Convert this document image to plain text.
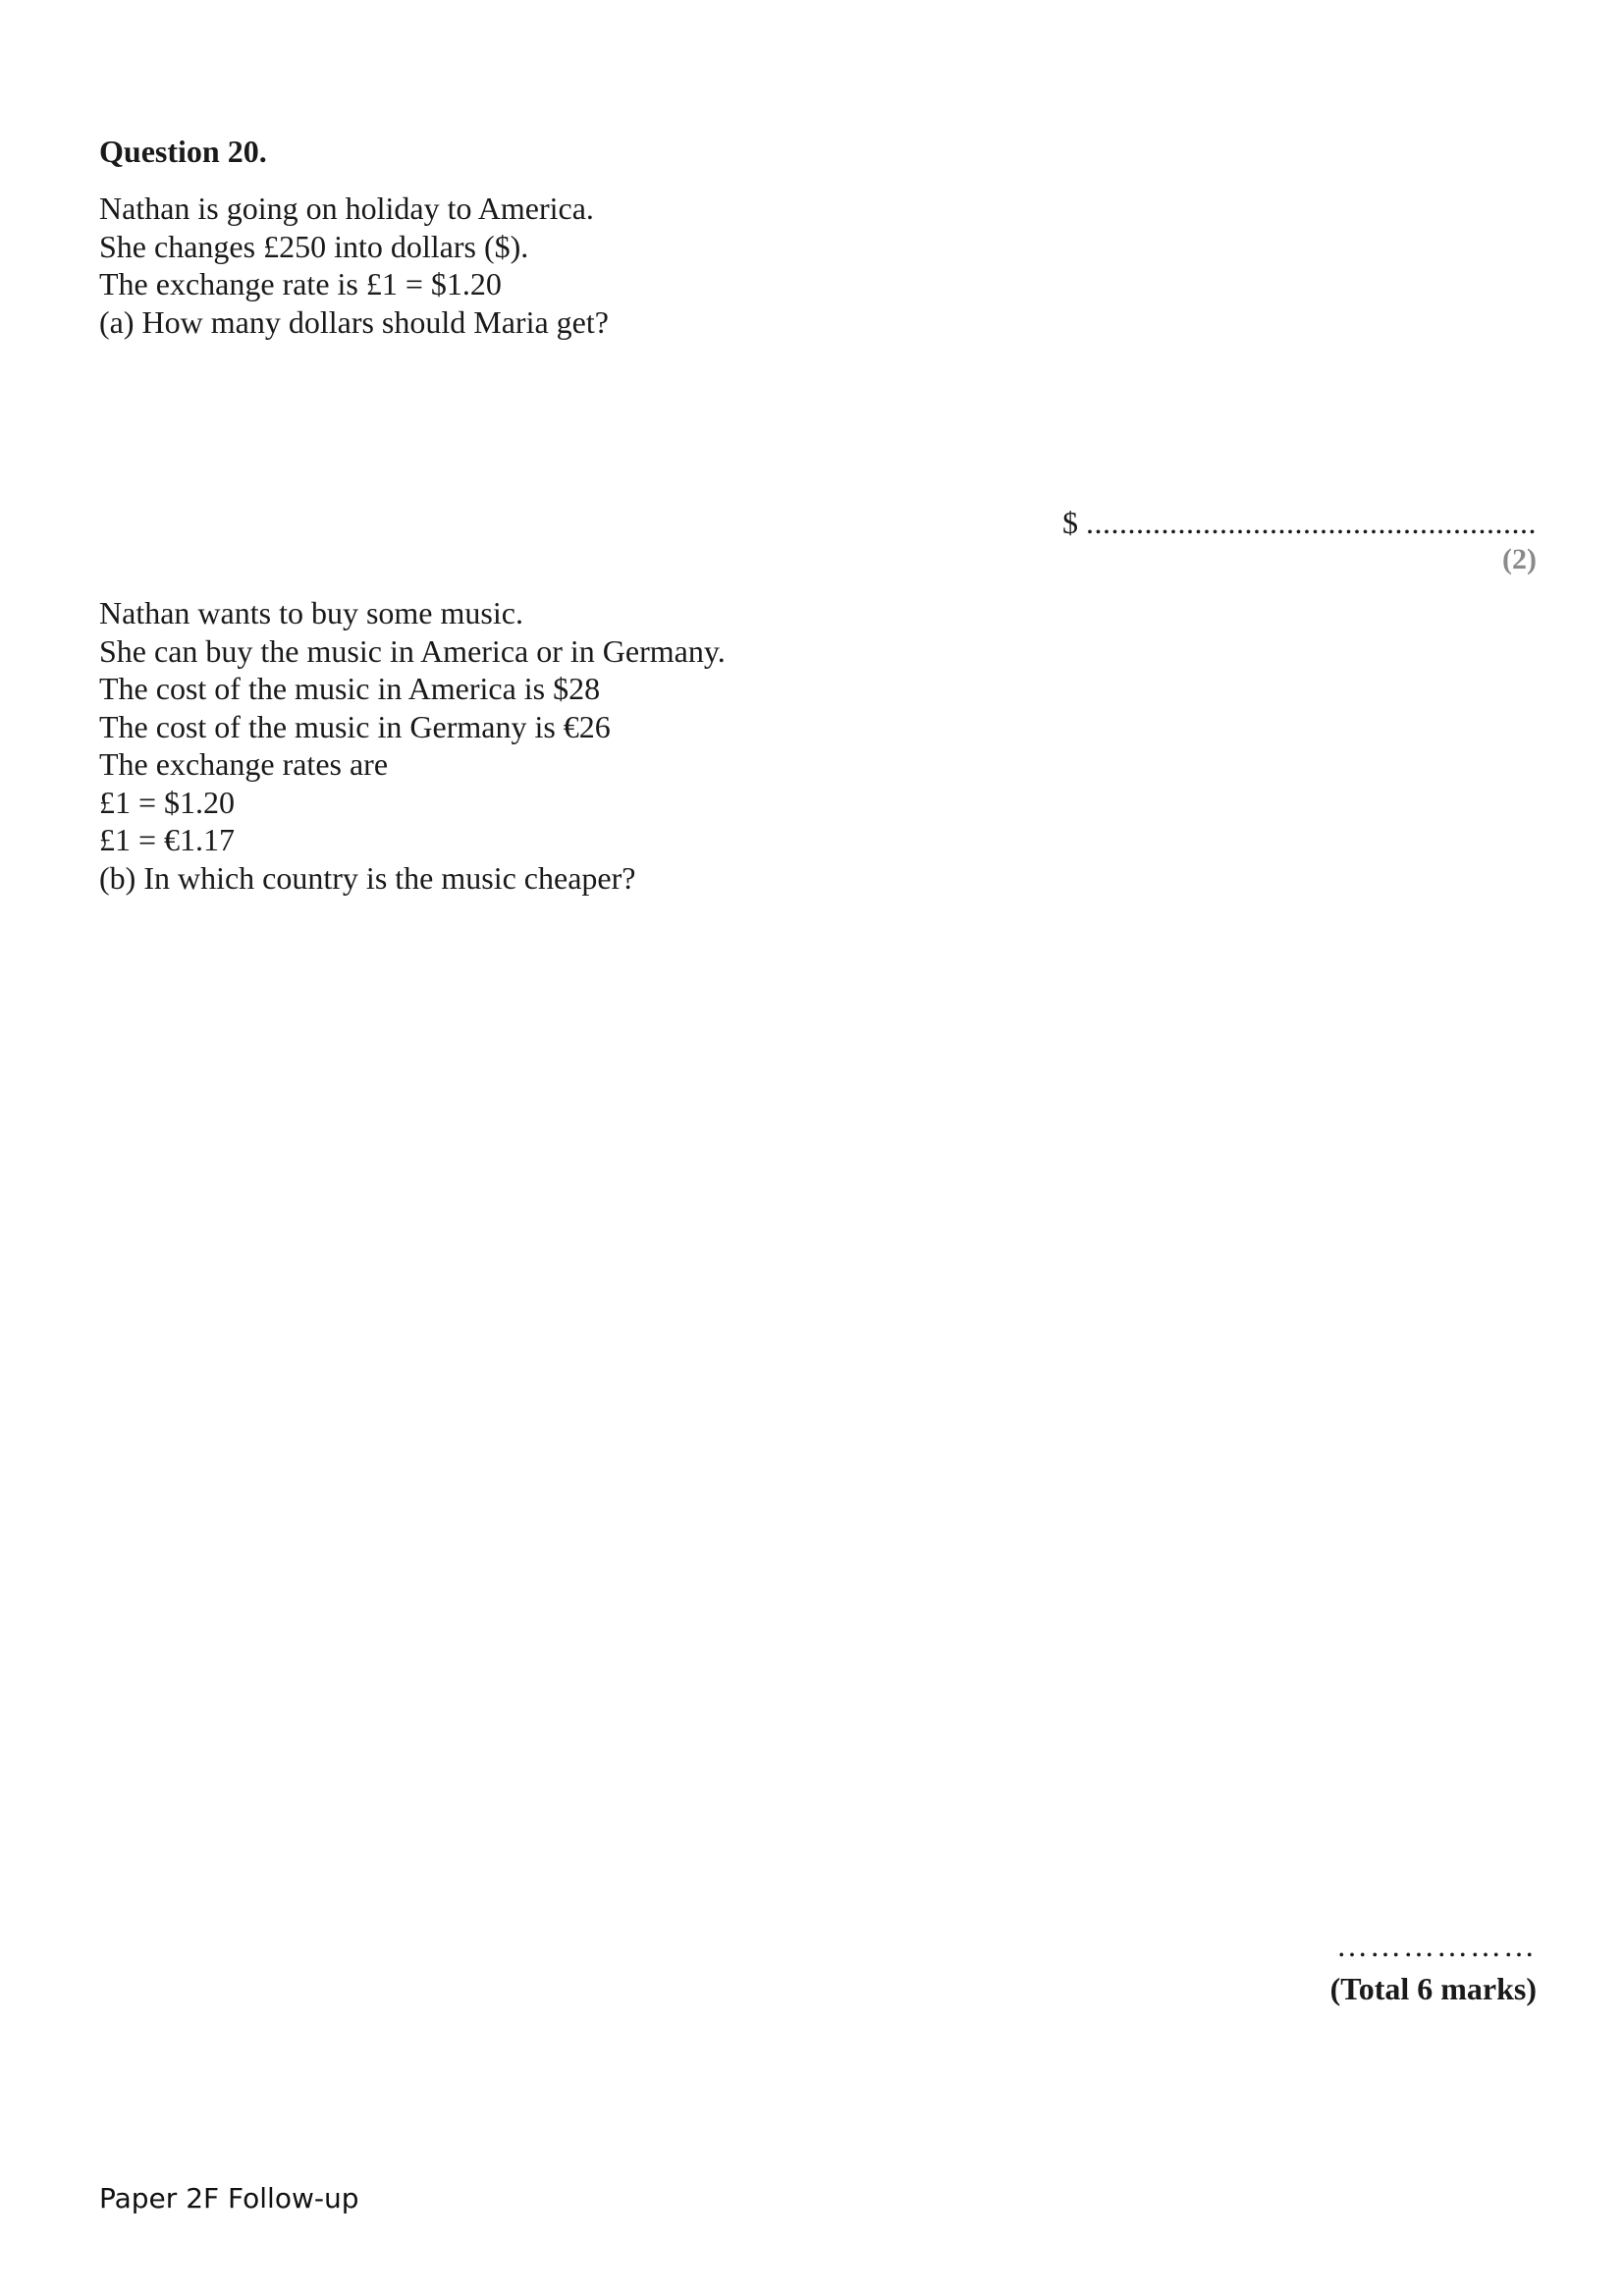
Question 20.
Nathan is going on holiday to America.
She changes £250 into dollars ($).
The exchange rate is £1 = $1.20
(a) How many dollars should Maria get?
$ ......................................................
(2)
Nathan wants to buy some music.
She can buy the music in America or in Germany.
The cost of the music in America is $28
The cost of the music in Germany is €26
The exchange rates are
£1 = $1.20
£1 = €1.17
(b) In which country is the music cheaper?
………………
(Total 6 marks)
Paper 2F Follow-up
